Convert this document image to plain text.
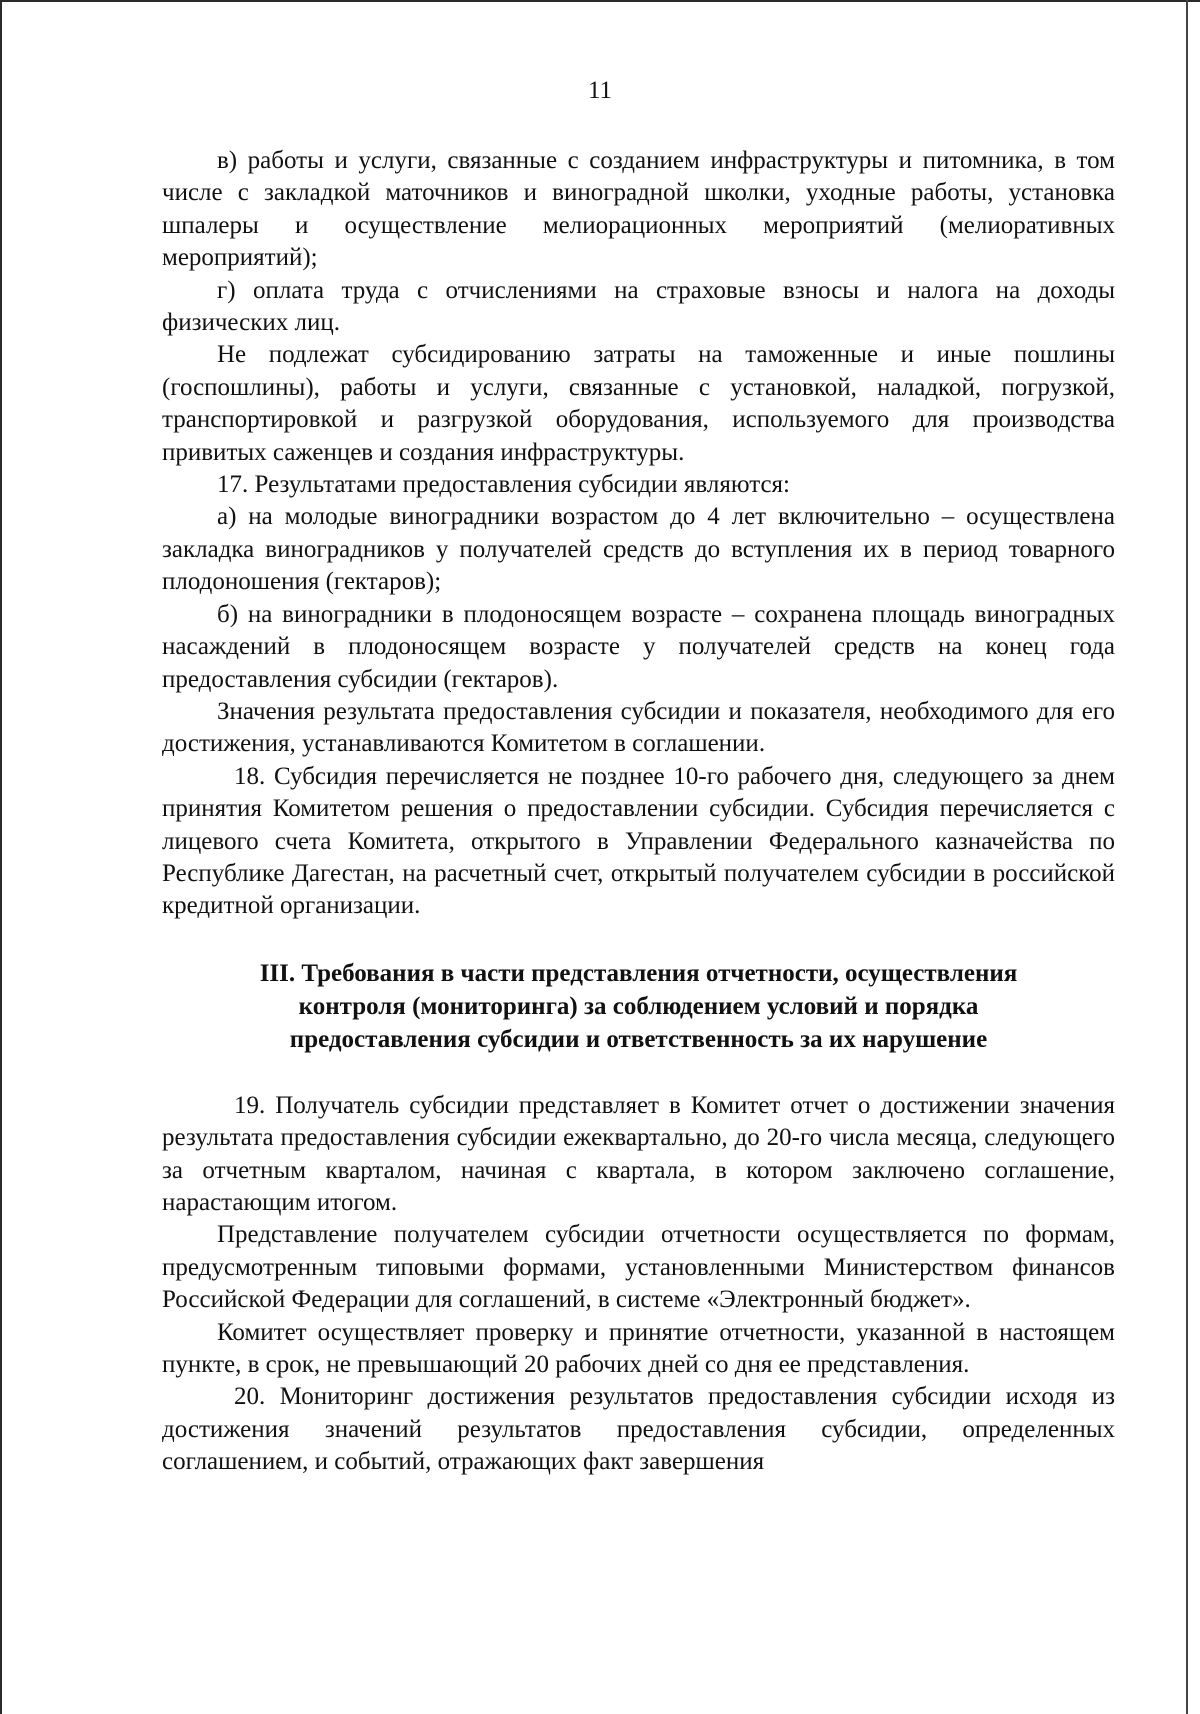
11

в) работы и услуги, связанные с созданием инфраструктуры и питомника, в том числе с закладкой маточников и виноградной школки, уходные работы, установка шпалеры и осуществление мелиорационных мероприятий (мелиоративных мероприятий);

г) оплата труда с отчислениями на страховые взносы и налога на доходы физических лиц.

Не подлежат субсидированию затраты на таможенные и иные пошлины (госпошлины), работы и услуги, связанные с установкой, наладкой, погрузкой, транспортировкой и разгрузкой оборудования, используемого для производства привитых саженцев и создания инфраструктуры.

17. Результатами предоставления субсидии являются:

а) на молодые виноградники возрастом до 4 лет включительно – осуществлена закладка виноградников у получателей средств до вступления их в период товарного плодоношения (гектаров);

б) на виноградники в плодоносящем возрасте – сохранена площадь виноградных насаждений в плодоносящем возрасте у получателей средств на конец года предоставления субсидии (гектаров).

Значения результата предоставления субсидии и показателя, необходимого для его достижения, устанавливаются Комитетом в соглашении.

18. Субсидия перечисляется не позднее 10-го рабочего дня, следующего за днем принятия Комитетом решения о предоставлении субсидии. Субсидия перечисляется с лицевого счета Комитета, открытого в Управлении Федерального казначейства по Республике Дагестан, на расчетный счет, открытый получателем субсидии в российской кредитной организации.

III. Требования в части представления отчетности, осуществления
контроля (мониторинга) за соблюдением условий и порядка
предоставления субсидии и ответственность за их нарушение

19. Получатель субсидии представляет в Комитет отчет о достижении значения результата предоставления субсидии ежеквартально, до 20-го числа месяца, следующего за отчетным кварталом, начиная с квартала, в котором заключено соглашение, нарастающим итогом.

Представление получателем субсидии отчетности осуществляется по формам, предусмотренным типовыми формами, установленными Министерством финансов Российской Федерации для соглашений, в системе «Электронный бюджет».

Комитет осуществляет проверку и принятие отчетности, указанной в настоящем пункте, в срок, не превышающий 20 рабочих дней со дня ее представления.

20. Мониторинг достижения результатов предоставления субсидии исходя из достижения значений результатов предоставления субсидии, определенных соглашением, и событий, отражающих факт завершения
